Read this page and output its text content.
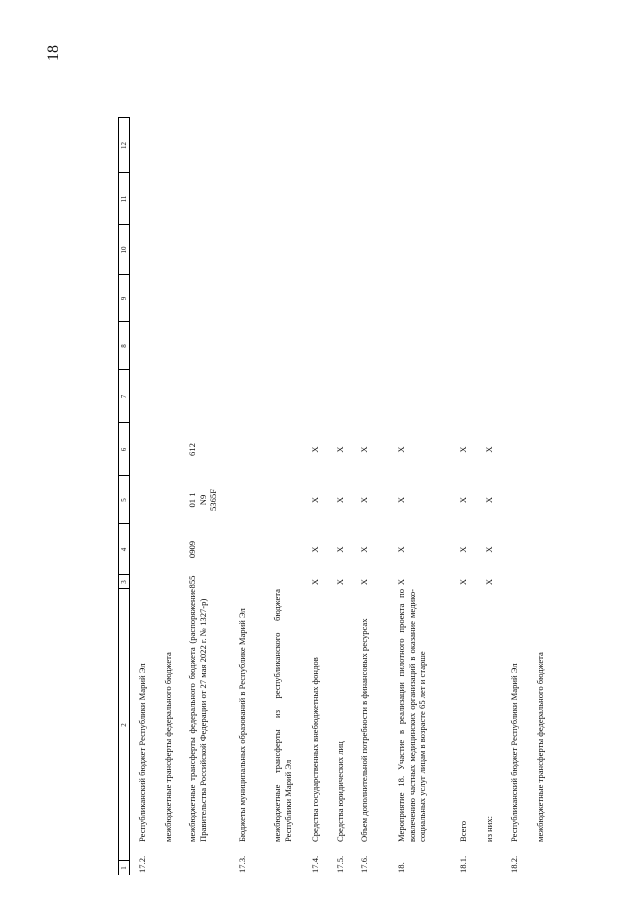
18
1
2
3
4
5
6
7
8
9
10
11
12
17.2.
Республиканский бюджет Республики Марий Эл межбюджетные трансферты федерального бюджета межбюджетные трансферты федерального бюджета (распоряжение Правительства Российской Федерации от 27 мая 2022 г. № 1327-р)
855
0909
01 1 N9 5365F
612
17.3.
Бюджеты муниципальных образований в Республике Марий Эл	межбюджетные трансферты из республиканского бюджета Республики Марий Эл
17.4.
Средства государственных внебюджетных фондов
X
X
X
X
17.5.
Средства юридических лиц
X
X
X
X
17.6.
Объем дополнительной потребности в финансовых ресурсах
X
X
X
X
18.
Мероприятие 18. Участие в реализации пилотного проекта по вовлечению частных медицинских организаций в оказание медико-социальных услуг лицам в возрасте 65 лет и старше
X
X
X
X
18.1.
Всего
X
X
X
X
из них:
X
X
X
X
18.2.
Республиканский бюджет Республики Марий Эл межбюджетные трансферты федерального бюджета
